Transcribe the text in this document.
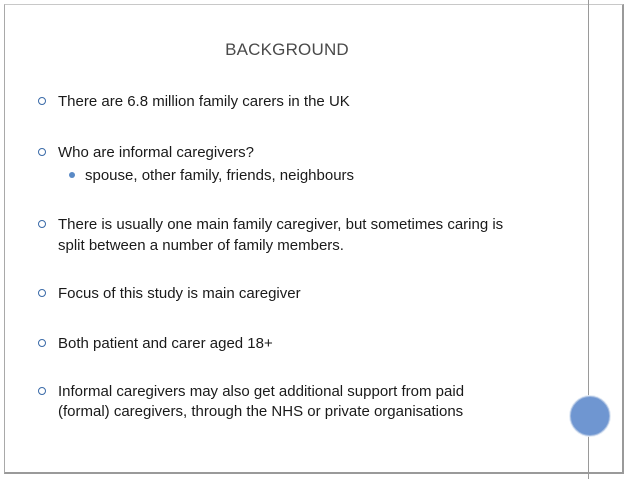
BACKGROUND
There are 6.8 million family carers in the UK
Who are informal caregivers?
spouse, other family, friends, neighbours
There is usually one main family caregiver, but sometimes caring is
split between a number of family members.
Focus of this study is main caregiver
Both patient and carer aged 18+
Informal caregivers may also get additional support from paid
(formal) caregivers, through the NHS or private organisations
